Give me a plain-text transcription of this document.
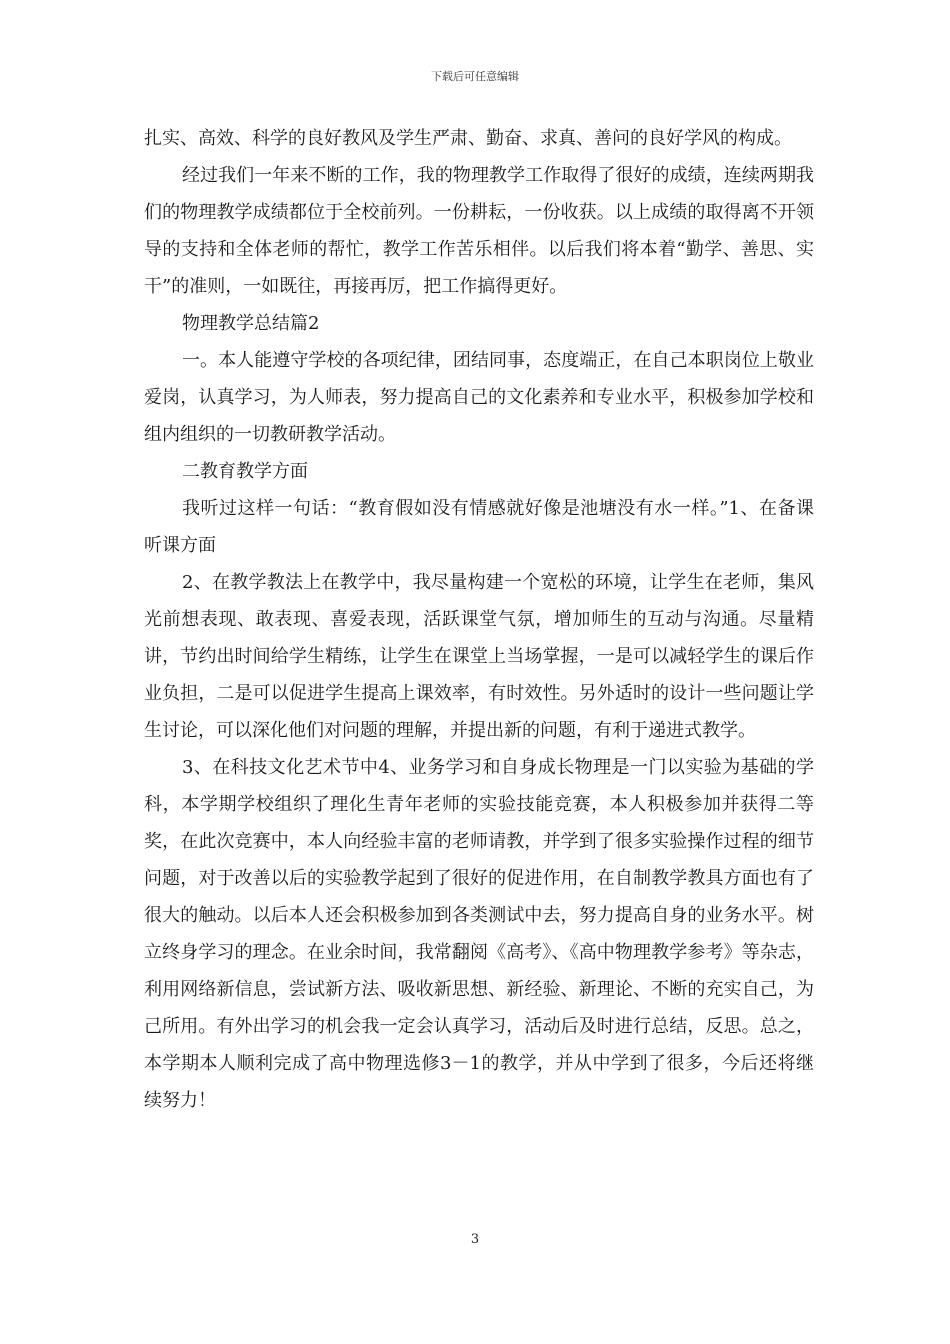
下载后可任意编辑

扎实、高效、科学的良好教风及学生严肃、勤奋、求真、善问的良好学风的构成。

经过我们一年来不断的工作，我的物理教学工作取得了很好的成绩，连续两期我们的物理教学成绩都位于全校前列。一份耕耘，一份收获。以上成绩的取得离不开领导的支持和全体老师的帮忙，教学工作苦乐相伴。以后我们将本着“勤学、善思、实干”的准则，一如既往，再接再厉，把工作搞得更好。

物理教学总结篇2

一。本人能遵守学校的各项纪律，团结同事，态度端正，在自己本职岗位上敬业爱岗，认真学习，为人师表，努力提高自己的文化素养和专业水平，积极参加学校和组内组织的一切教研教学活动。

二教育教学方面

我听过这样一句话：“教育假如没有情感就好像是池塘没有水一样。”1、在备课听课方面

2、在教学教法上在教学中，我尽量构建一个宽松的环境，让学生在老师，集风光前想表现、敢表现、喜爱表现，活跃课堂气氛，增加师生的互动与沟通。尽量精讲，节约出时间给学生精练，让学生在课堂上当场掌握，一是可以减轻学生的课后作业负担，二是可以促进学生提高上课效率，有时效性。另外适时的设计一些问题让学生讨论，可以深化他们对问题的理解，并提出新的问题，有利于递进式教学。

3、在科技文化艺术节中4、业务学习和自身成长物理是一门以实验为基础的学科，本学期学校组织了理化生青年老师的实验技能竞赛，本人积极参加并获得二等奖，在此次竞赛中，本人向经验丰富的老师请教，并学到了很多实验操作过程的细节问题，对于改善以后的实验教学起到了很好的促进作用，在自制教学教具方面也有了很大的触动。以后本人还会积极参加到各类测试中去，努力提高自身的业务水平。树立终身学习的理念。在业余时间，我常翻阅《高考》、《高中物理教学参考》等杂志，利用网络新信息，尝试新方法、吸收新思想、新经验、新理论、不断的充实自己，为己所用。有外出学习的机会我一定会认真学习，活动后及时进行总结，反思。总之，本学期本人顺利完成了高中物理选修3－1的教学，并从中学到了很多，今后还将继续努力！

3
